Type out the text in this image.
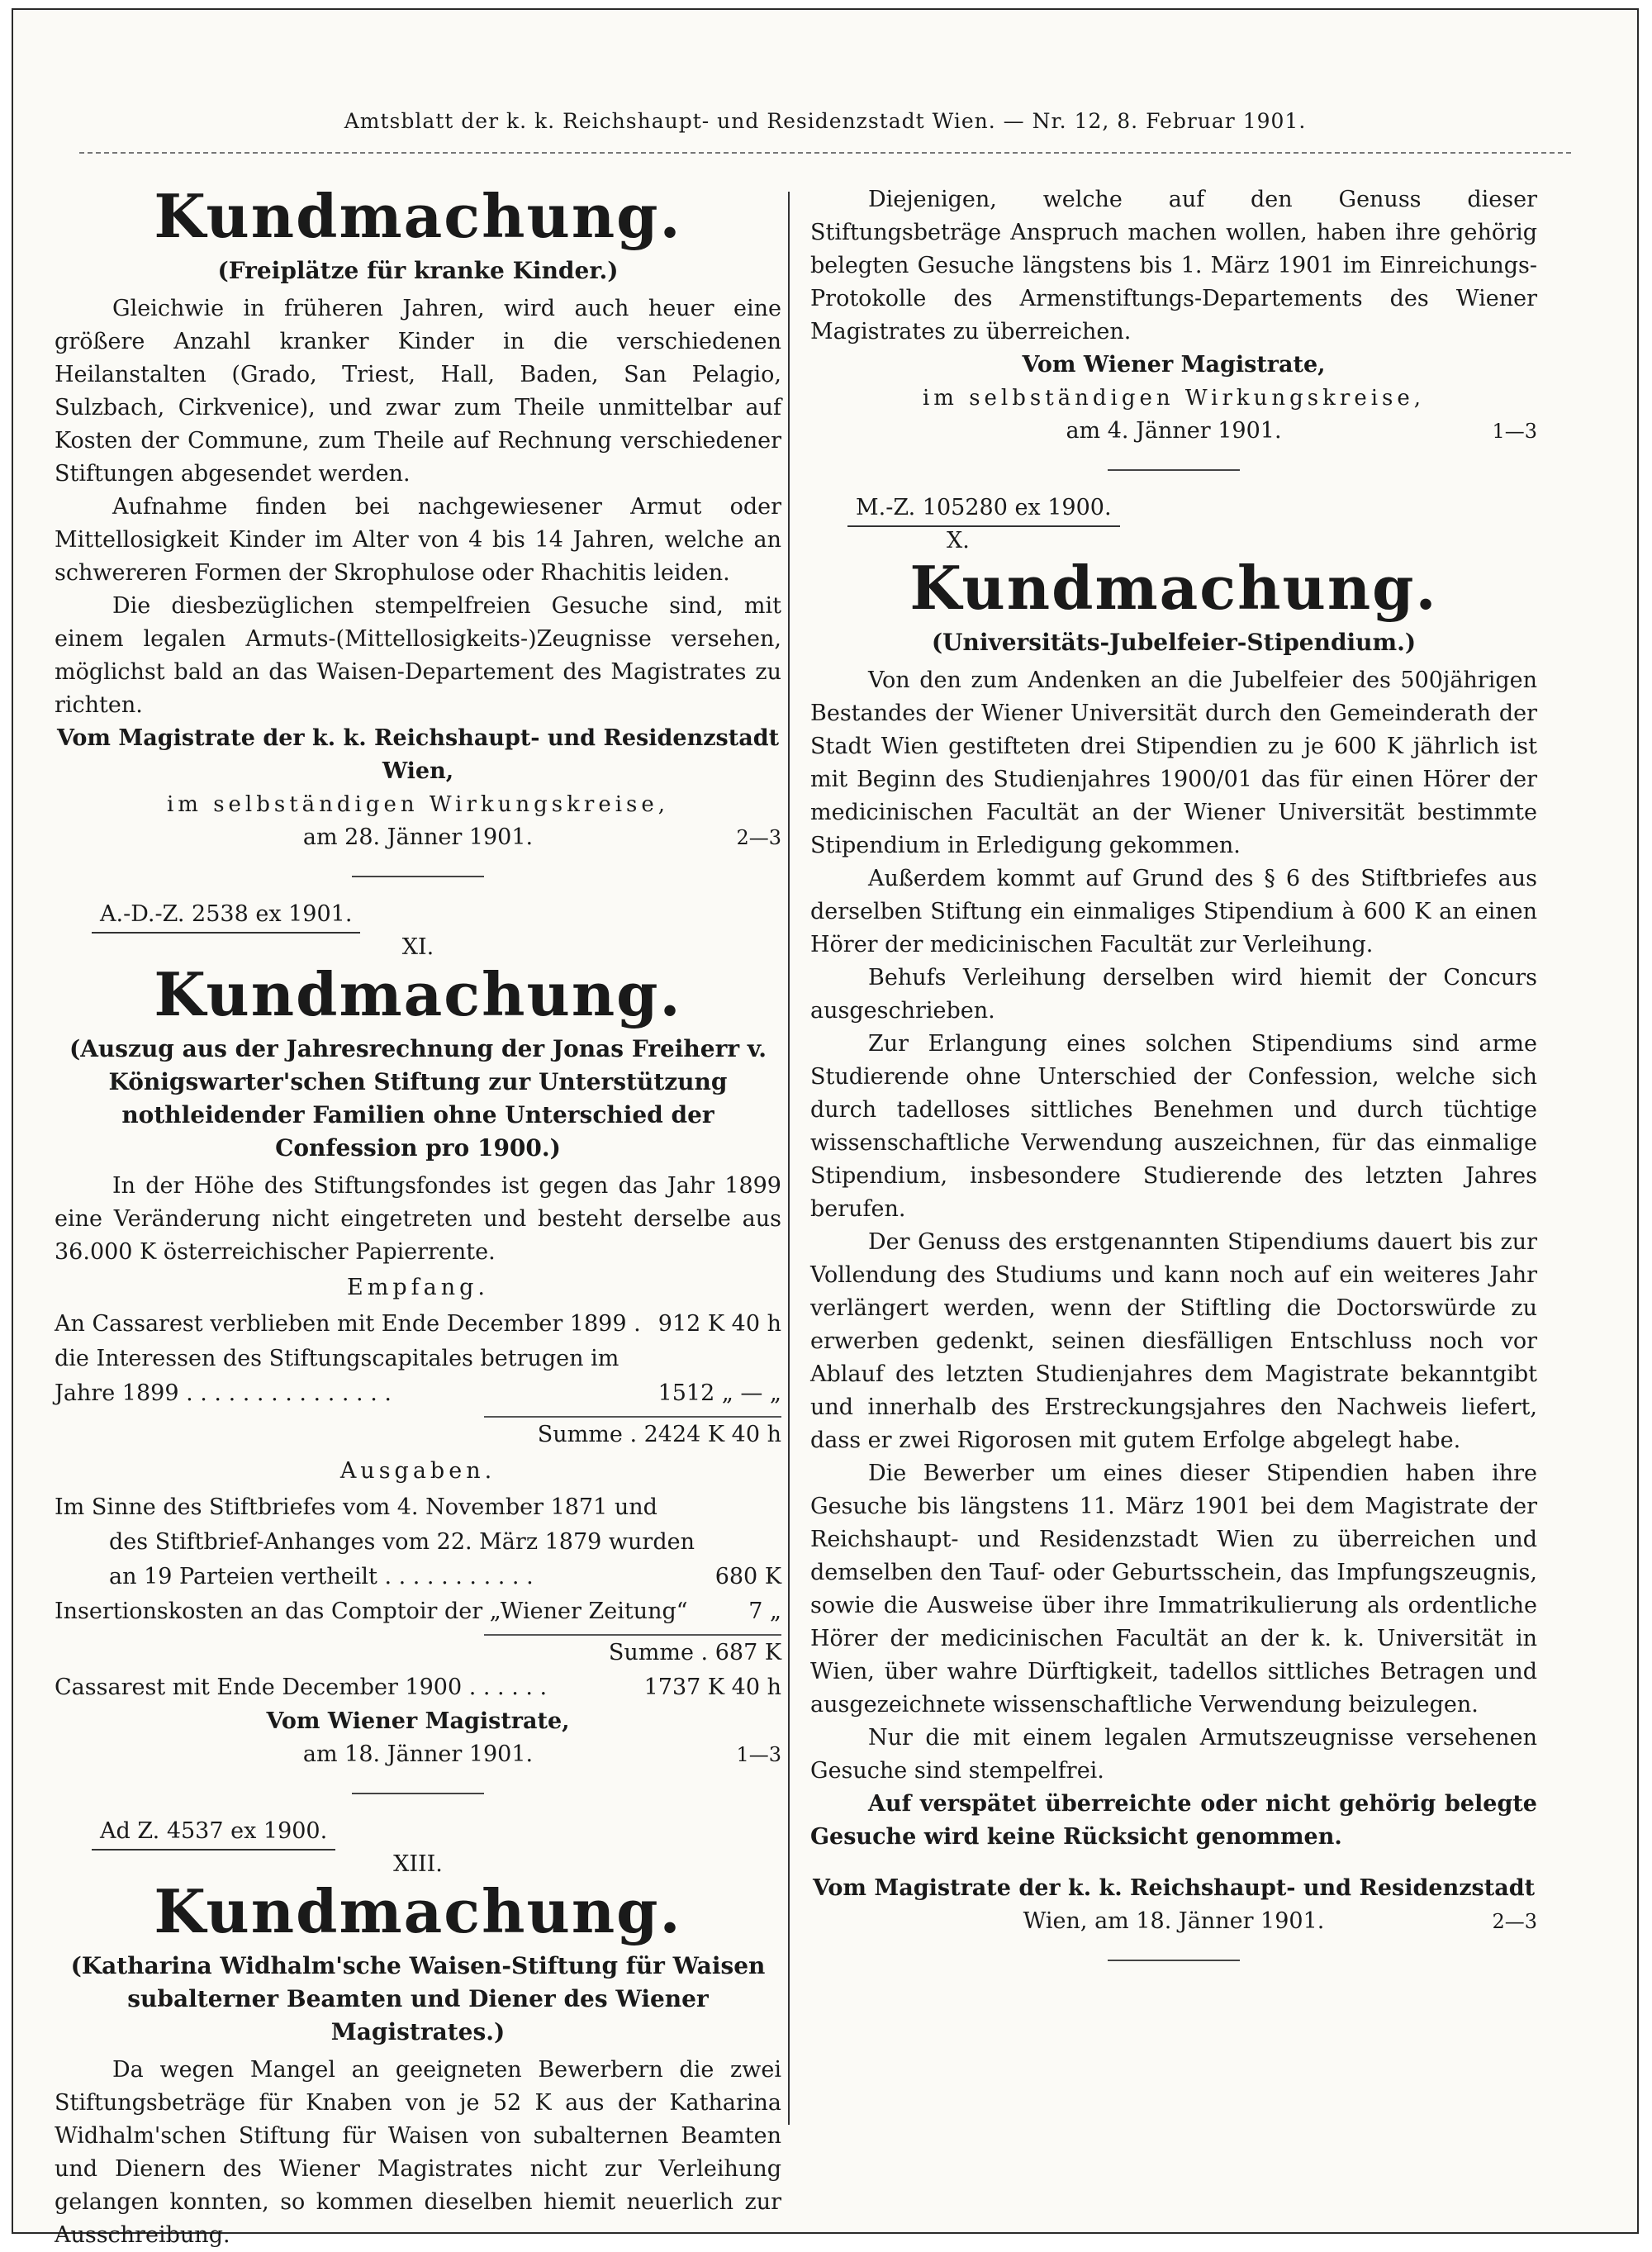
Amtsblatt der k. k. Reichshaupt- und Residenzstadt Wien. — Nr. 12, 8. Februar 1901.
Kundmachung.
(Freiplätze für kranke Kinder.)

Gleichwie in früheren Jahren, wird auch heuer eine größere Anzahl kranker Kinder in die verschiedenen Heilanstalten (Grado, Triest, Hall, Baden, San Pelagio, Sulzbach, Cirkvenice), und zwar zum Theile unmittelbar auf Kosten der Commune, zum Theile auf Rechnung verschiedener Stiftungen abgesendet werden.

Aufnahme finden bei nachgewiesener Armut oder Mittellosigkeit Kinder im Alter von 4 bis 14 Jahren, welche an schwereren Formen der Skrophulose oder Rhachitis leiden.

Die diesbezüglichen stempelfreien Gesuche sind, mit einem legalen Armuts-(Mittellosigkeits-)Zeugnisse versehen, möglichst bald an das Waisen-Departement des Magistrates zu richten.

Vom Magistrate der k. k. Reichshaupt- und Residenzstadt Wien,
im selbständigen Wirkungskreise,
am 28. Jänner 1901.	2—3
A.-D.-Z. 2538 ex 1901.
XI.
Kundmachung.
(Auszug aus der Jahresrechnung der Jonas Freiherr v. Königswarter'schen Stiftung zur Unterstützung nothleidender Familien ohne Unterschied der Confession pro 1900.)

In der Höhe des Stiftungsfondes ist gegen das Jahr 1899 eine Veränderung nicht eingetreten und besteht derselbe aus 36.000 K österreichischer Papierrente.

Empfang.
An Cassarest verblieben mit Ende December 1899 . 912 K 40 h
die Interessen des Stiftungscapitales betrugen im
Jahre 1899 . . . . . . . . . . . . . . .	1512 „ — „
Summe . 2424 K 40 h
Ausgaben.
Im Sinne des Stiftbriefes vom 4. November 1871 und
des Stiftbrief-Anhanges vom 22. März 1879 wurden
an 19 Parteien vertheilt . . . . . . . . . . .	680 K
Insertionskosten an das Comptoir der „Wiener Zeitung“	7 „
Summe . 687 K
Cassarest mit Ende December 1900 . . . . . .	1737 K 40 h
Vom Wiener Magistrate,
am 18. Jänner 1901.	1—3
Ad Z. 4537 ex 1900.
XIII.
Kundmachung.
(Katharina Widhalm'sche Waisen-Stiftung für Waisen subalterner Beamten und Diener des Wiener Magistrates.)

Da wegen Mangel an geeigneten Bewerbern die zwei Stiftungsbeträge für Knaben von je 52 K aus der Katharina Widhalm'schen Stiftung für Waisen von subalternen Beamten und Dienern des Wiener Magistrates nicht zur Verleihung gelangen konnten, so kommen dieselben hiemit neuerlich zur Ausschreibung.

Diejenigen, welche auf den Genuss dieser Stiftungsbeträge Anspruch machen wollen, haben ihre gehörig belegten Gesuche längstens bis 1. März 1901 im Einreichungs-Protokolle des Armenstiftungs-Departements des Wiener Magistrates zu überreichen.

Vom Wiener Magistrate,
im selbständigen Wirkungskreise,
am 4. Jänner 1901.	1—3
M.-Z. 105280 ex 1900.
X.
Kundmachung.
(Universitäts-Jubelfeier-Stipendium.)

Von den zum Andenken an die Jubelfeier des 500jährigen Bestandes der Wiener Universität durch den Gemeinderath der Stadt Wien gestifteten drei Stipendien zu je 600 K jährlich ist mit Beginn des Studienjahres 1900/01 das für einen Hörer der medicinischen Facultät an der Wiener Universität bestimmte Stipendium in Erledigung gekommen.

Außerdem kommt auf Grund des § 6 des Stiftbriefes aus derselben Stiftung ein einmaliges Stipendium à 600 K an einen Hörer der medicinischen Facultät zur Verleihung.

Behufs Verleihung derselben wird hiemit der Concurs ausgeschrieben.

Zur Erlangung eines solchen Stipendiums sind arme Studierende ohne Unterschied der Confession, welche sich durch tadelloses sittliches Benehmen und durch tüchtige wissenschaftliche Verwendung auszeichnen, für das einmalige Stipendium, insbesondere Studierende des letzten Jahres berufen.

Der Genuss des erstgenannten Stipendiums dauert bis zur Vollendung des Studiums und kann noch auf ein weiteres Jahr verlängert werden, wenn der Stiftling die Doctorswürde zu erwerben gedenkt, seinen diesfälligen Entschluss noch vor Ablauf des letzten Studienjahres dem Magistrate bekanntgibt und innerhalb des Erstreckungsjahres den Nachweis liefert, dass er zwei Rigorosen mit gutem Erfolge abgelegt habe.

Die Bewerber um eines dieser Stipendien haben ihre Gesuche bis längstens 11. März 1901 bei dem Magistrate der Reichshaupt- und Residenzstadt Wien zu überreichen und demselben den Tauf- oder Geburtsschein, das Impfungszeugnis, sowie die Ausweise über ihre Immatrikulierung als ordentliche Hörer der medicinischen Facultät an der k. k. Universität in Wien, über wahre Dürftigkeit, tadellos sittliches Betragen und ausgezeichnete wissenschaftliche Verwendung beizulegen.

Nur die mit einem legalen Armutszeugnisse versehenen Gesuche sind stempelfrei.

Auf verspätet überreichte oder nicht gehörig belegte Gesuche wird keine Rücksicht genommen.

Vom Magistrate der k. k. Reichshaupt- und Residenzstadt
Wien, am 18. Jänner 1901.	2—3
